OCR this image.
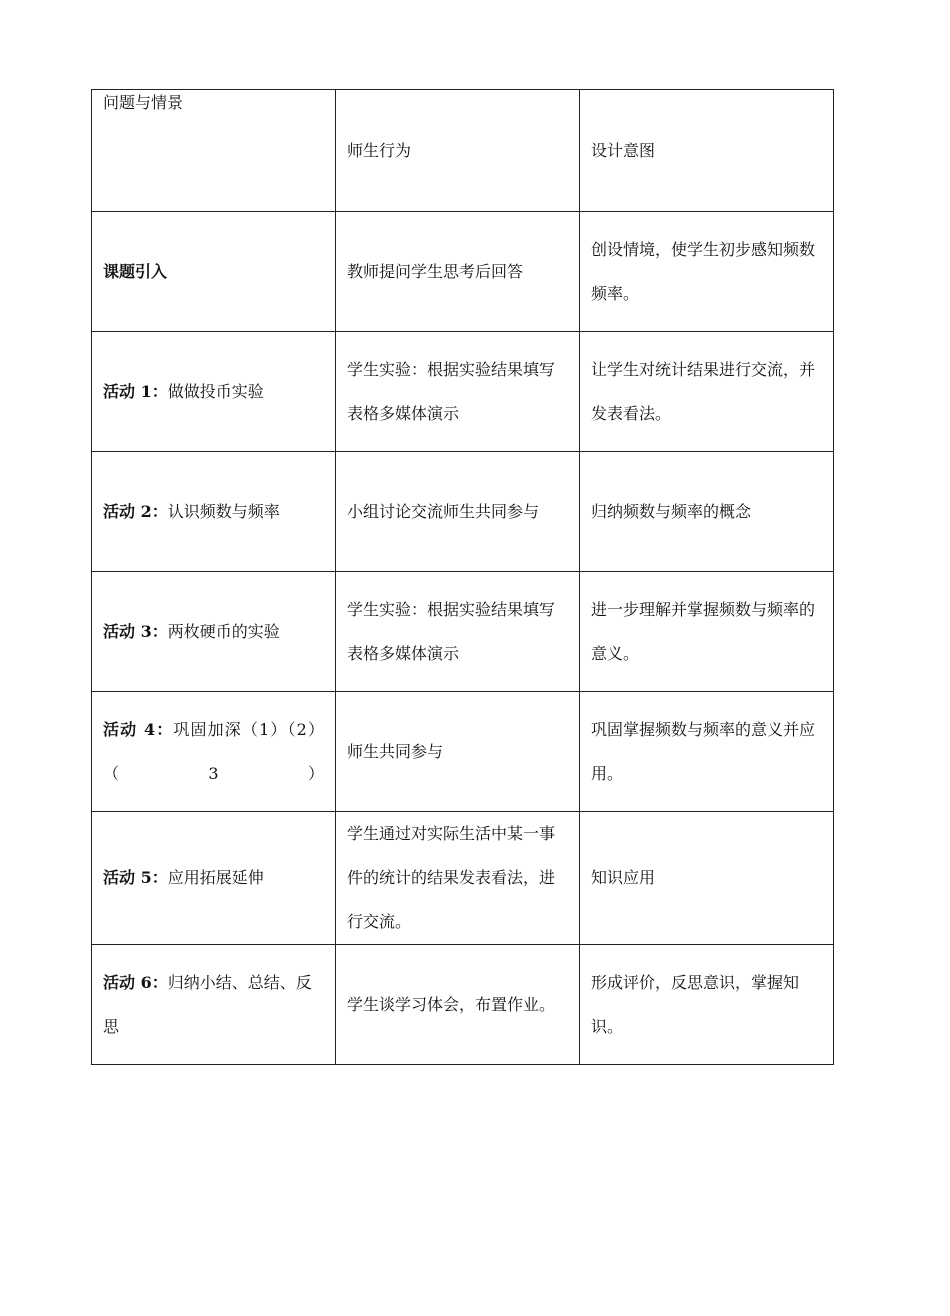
问题与情景	师生行为	设计意图
课题引入	教师提问学生思考后回答	创设情境，使学生初步感知频数频率。
活动 1：做做投币实验	学生实验：根据实验结果填写表格多媒体演示	让学生对统计结果进行交流，并发表看法。
活动 2：认识频数与频率	小组讨论交流师生共同参与	归纳频数与频率的概念
活动 3：两枚硬币的实验	学生实验：根据实验结果填写表格多媒体演示	进一步理解并掌握频数与频率的意义。
活动 4：巩固加深（1）（2）（3）	师生共同参与	巩固掌握频数与频率的意义并应用。
活动 5：应用拓展延伸	学生通过对实际生活中某一事件的统计的结果发表看法，进行交流。	知识应用
活动 6：归纳小结、总结、反思	学生谈学习体会，布置作业。	形成评价，反思意识，掌握知识。
